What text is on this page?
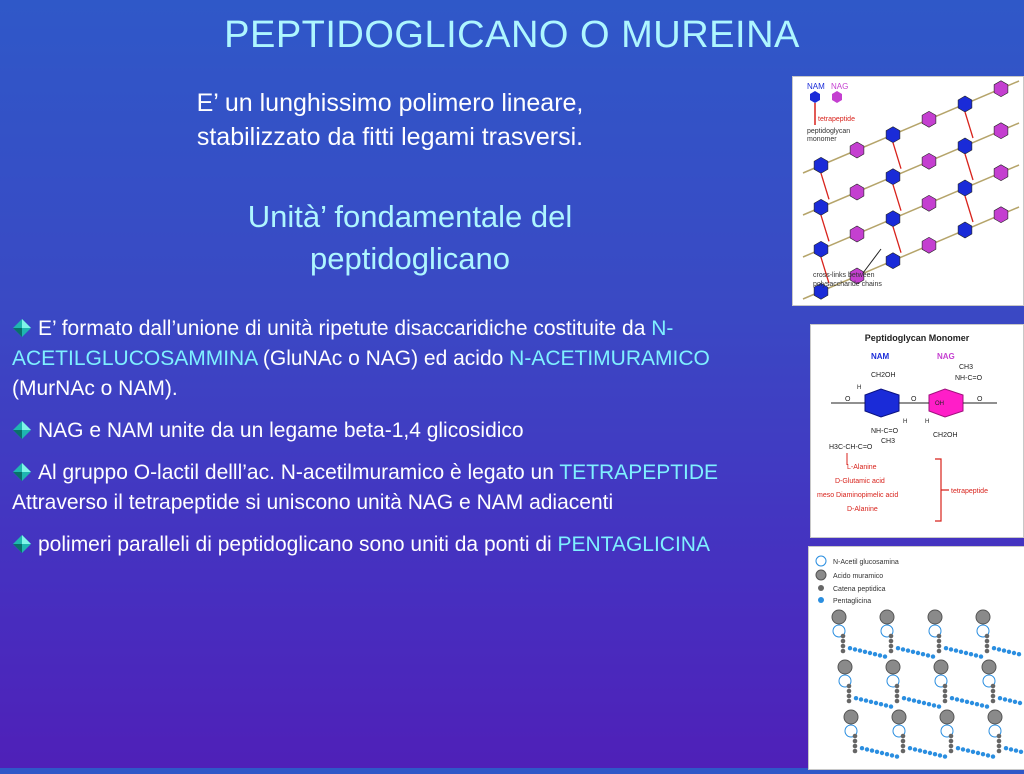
PEPTIDOGLICANO O MUREINA
E’ un lunghissimo polimero lineare,
stabilizzato da fitti legami trasversi.
Unità’ fondamentale del
peptidoglicano
E’ formato dall’unione di unità ripetute disaccaridiche costituite da N-ACETILGLUCOSAMMINA (GluNAc o NAG) ed acido N-ACETIMURAMICO (MurNAc o NAM).
NAG e NAM unite da un legame beta-1,4 glicosidico
Al gruppo O-lactil delll’ac. N-acetilmuramico è legato un TETRAPEPTIDE Attraverso il tetrapeptide si uniscono unità NAG e NAM adiacenti
polimeri paralleli di peptidoglicano sono uniti da ponti di PENTAGLICINA
NAM NAG
tetrapeptide
peptidoglycan
monomer
cross-links between
polysaccharide chains
Peptidoglycan Monomer
NAM	NAG
CH2OH
CH3
NH-C=O
O
OH
O	O
H
H	H
NH-C=O
CH2OH
CH3
H3C-CH-C=O
L-Alanine
D-Glutamic acid
meso Diaminopimelic acid
D-Alanine
tetrapeptide
N-Acetil glucosamina
Acido muramico
Catena peptidica
Pentaglicina
